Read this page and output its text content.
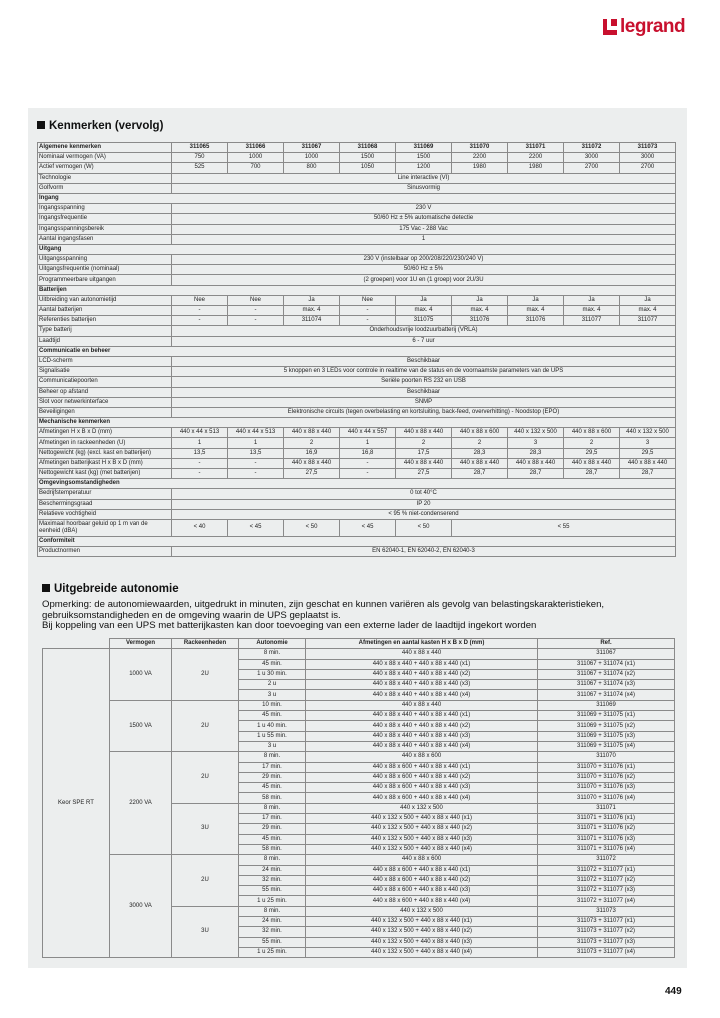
legrand
Kenmerken (vervolg)
Algemene kenmerken	311065	311066	311067	311068	311069	311070	311071	311072	311073
Nominaal vermogen (VA)	750	1000	1000	1500	1500	2200	2200	3000	3000
Actief vermogen (W)	525	700	800	1050	1200	1980	1980	2700	2700
Technologie	Line interactive (VI)								
Golfvorm	Sinusvormig								
Ingang									
Ingangsspanning	230 V								
Ingangsfrequentie	50/60 Hz ± 5% automatische detectie								
Ingangsspanningsbereik	175 Vac - 288 Vac								
Aantal ingangsfasen	1								
Uitgang									
Uitgangsspanning	230 V (instelbaar op 200/208/220/230/240 V)								
Uitgangsfrequentie (nominaal)	50/60 Hz ± 5%								
Programmeerbare uitgangen	(2 groepen) voor 1U en (1 groep) voor 2U/3U								
Batterijen									
Uitbreiding van autonomietijd	Nee	Nee	Ja	Nee	Ja	Ja	Ja	Ja	Ja
Aantal batterijen	-	-	max. 4	-	max. 4	max. 4	max. 4	max. 4	max. 4
Referenties batterijen	-	-	311074	-	311075	311076	311076	311077	311077
Type batterij	Onderhoudsvrije loodzuurbatterij (VRLA)								
Laadtijd	6 - 7 uur								
Communicatie en beheer									
LCD-scherm	Beschikbaar								
Signalisatie	5 knoppen en 3 LEDs voor controle in realtime van de status en de voornaamste parameters van de UPS								
Communicatiepoorten	Seriële poorten RS 232 en USB								
Beheer op afstand	Beschikbaar								
Slot voor netwerkinterface	SNMP								
Beveiligingen	Elektronische circuits (tegen overbelasting en kortsluiting, back-feed, oververhitting) - Noodstop (EPO)								
Mechanische kenmerken									
Afmetingen H x B x D (mm)	440 x 44 x 513	440 x 44 x 513	440 x 88 x 440	440 x 44 x 557	440 x 88 x 440	440 x 88 x 600	440 x 132 x 500	440 x 88 x 600	440 x 132 x 500
Afmetingen in rackeenheden (U)	1	1	2	1	2	2	3	2	3
Nettogewicht (kg) (excl. kast en batterijen)	13,5	13,5	16,9	16,8	17,5	28,3	28,3	29,5	29,5
Afmetingen batterijkast H x B x D (mm)	-	-	440 x 88 x 440	-	440 x 88 x 440	440 x 88 x 440	440 x 88 x 440	440 x 88 x 440	440 x 88 x 440
Nettogewicht kast (kg) (met batterijen)	-	-	27,5	-	27,5	28,7	28,7	28,7	28,7
Omgevingsomstandigheden									
Bedrijfstemperatuur	0 tot 40°C								
Beschermingsgraad	IP 20								
Relatieve vochtigheid	< 95 % niet-condenserend								
Maximaal hoorbaar geluid op 1 m van de eenheid (dBA)	< 40	< 45	< 50	< 45	< 50	< 55			
Conformiteit									
Productnormen	EN 62040-1, EN 62040-2, EN 62040-3								
Uitgebreide autonomie
Opmerking: de autonomiewaarden, uitgedrukt in minuten, zijn geschat en kunnen variëren als gevolg van belastingskarakteristieken, gebruiksomstandigheden en de omgeving waarin de UPS geplaatst is.
Bij koppeling van een UPS met batterijkasten kan door toevoeging van een externe lader de laadtijd ingekort worden
	Vermogen	Rackeenheden	Autonomie	Afmetingen en aantal kasten H x B x D (mm)	Ref.
Keor SPE RT	1000 VA	2U	8 min.	440 x 88 x 440	311067
			45 min.	440 x 88 x 440 + 440 x 88 x 440 (x1)	311067 + 311074 (x1)
			1 u 30 min.	440 x 88 x 440 + 440 x 88 x 440 (x2)	311067 + 311074 (x2)
			2 u	440 x 88 x 440 + 440 x 88 x 440 (x3)	311067 + 311074 (x3)
			3 u	440 x 88 x 440 + 440 x 88 x 440 (x4)	311067 + 311074 (x4)
	1500 VA	2U	10 min.	440 x 88 x 440	311069
			45 min.	440 x 88 x 440 + 440 x 88 x 440 (x1)	311069 + 311075 (x1)
			1 u 40 min.	440 x 88 x 440 + 440 x 88 x 440 (x2)	311069 + 311075 (x2)
			1 u 55 min.	440 x 88 x 440 + 440 x 88 x 440 (x3)	311069 + 311075 (x3)
			3 u	440 x 88 x 440 + 440 x 88 x 440 (x4)	311069 + 311075 (x4)
	2200 VA	2U	8 min.	440 x 88 x 600	311070
			17 min.	440 x 88 x 600 + 440 x 88 x 440 (x1)	311070 + 311076 (x1)
			29 min.	440 x 88 x 600 + 440 x 88 x 440 (x2)	311070 + 311076 (x2)
			45 min.	440 x 88 x 600 + 440 x 88 x 440 (x3)	311070 + 311076 (x3)
			58 min.	440 x 88 x 600 + 440 x 88 x 440 (x4)	311070 + 311076 (x4)
		3U	8 min.	440 x 132 x 500	311071
			17 min.	440 x 132 x 500 + 440 x 88 x 440 (x1)	311071 + 311076 (x1)
			29 min.	440 x 132 x 500 + 440 x 88 x 440 (x2)	311071 + 311076 (x2)
			45 min.	440 x 132 x 500 + 440 x 88 x 440 (x3)	311071 + 311076 (x3)
			58 min.	440 x 132 x 500 + 440 x 88 x 440 (x4)	311071 + 311076 (x4)
	3000 VA	2U	8 min.	440 x 88 x 600	311072
			24 min.	440 x 88 x 600 + 440 x 88 x 440 (x1)	311072 + 311077 (x1)
			32 min.	440 x 88 x 600 + 440 x 88 x 440 (x2)	311072 + 311077 (x2)
			55 min.	440 x 88 x 600 + 440 x 88 x 440 (x3)	311072 + 311077 (x3)
			1 u 25 min.	440 x 88 x 600 + 440 x 88 x 440 (x4)	311072 + 311077 (x4)
		3U	8 min.	440 x 132 x 500	311073
			24 min.	440 x 132 x 500 + 440 x 88 x 440 (x1)	311073 + 311077 (x1)
			32 min.	440 x 132 x 500 + 440 x 88 x 440 (x2)	311073 + 311077 (x2)
			55 min.	440 x 132 x 500 + 440 x 88 x 440 (x3)	311073 + 311077 (x3)
			1 u 25 min.	440 x 132 x 500 + 440 x 88 x 440 (x4)	311073 + 311077 (x4)
449
